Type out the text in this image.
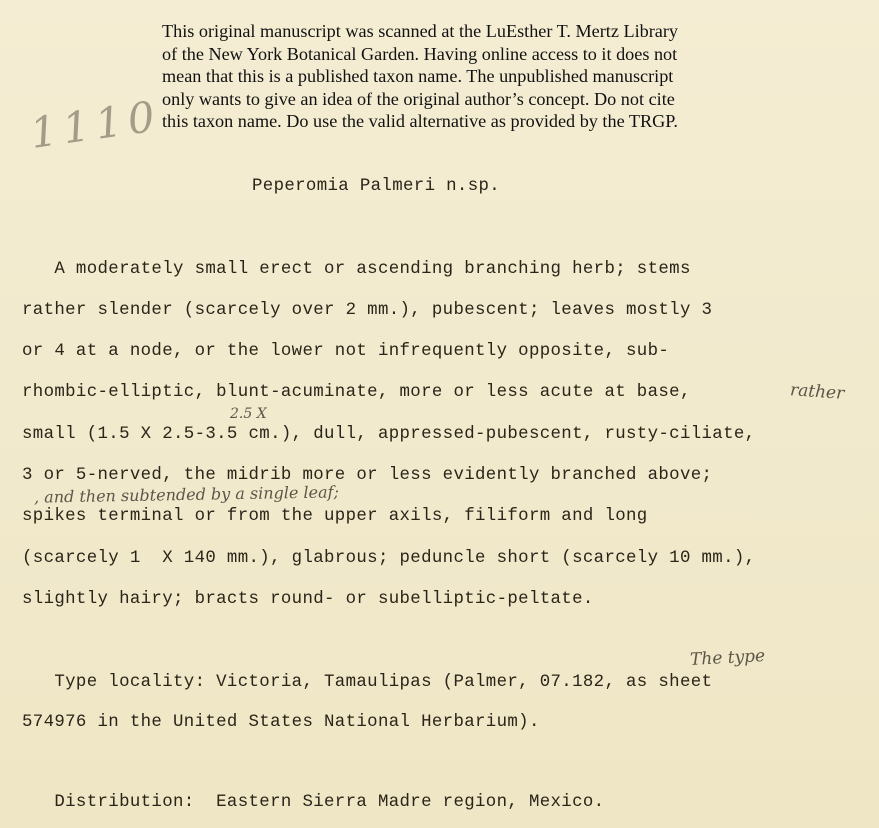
This original manuscript was scanned at the LuEsther T. Mertz Library
of the New York Botanical Garden. Having online access to it does not
mean that this is a published taxon name. The unpublished manuscript
only wants to give an idea of the original author’s concept. Do not cite
this taxon name. Do use the valid alternative as provided by the TRGP.
1110
Peperomia Palmeri n.sp.
A moderately small erect or ascending branching herb; stems
rather slender (scarcely over 2 mm.), pubescent; leaves mostly 3
or 4 at a node, or the lower not infrequently opposite, sub-
rhombic-elliptic, blunt-acuminate, more or less acute at base,
small (1.5 X 2.5-3.5 cm.), dull, appressed-pubescent, rusty-ciliate,
3 or 5-nerved, the midrib more or less evidently branched above;
spikes terminal or from the upper axils, filiform and long
(scarcely 1  X 140 mm.), glabrous; peduncle short (scarcely 10 mm.),
slightly hairy; bracts round- or subelliptic-peltate.
Type locality: Victoria, Tamaulipas (Palmer, 07.182, as sheet
574976 in the United States National Herbarium).
Distribution:  Eastern Sierra Madre region, Mexico.
rather
2.5 X
, and then subtended by a single leaf;
The type
